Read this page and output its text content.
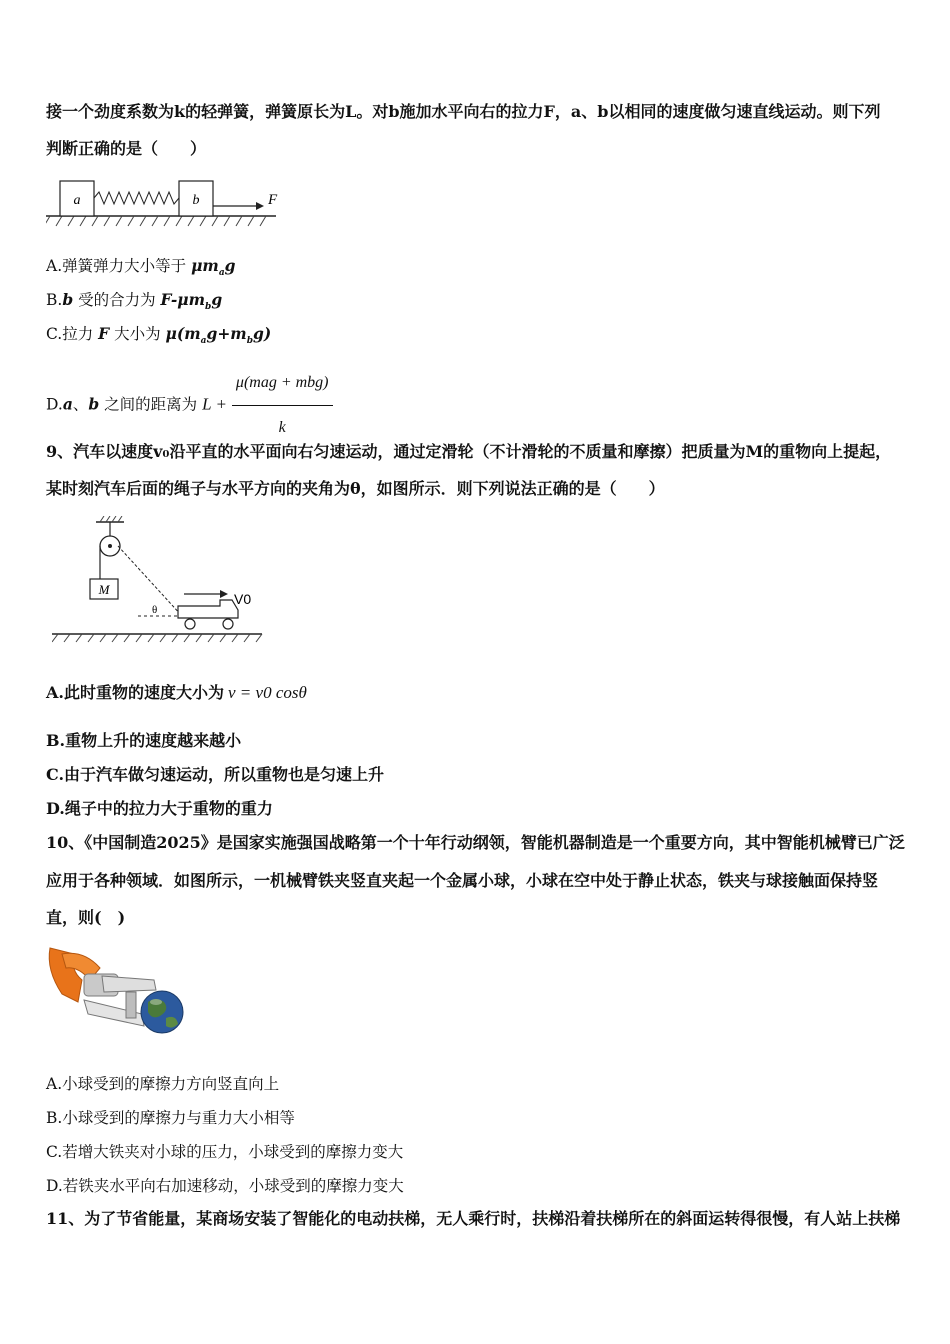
接一个劲度系数为k的轻弹簧，弹簧原长为L。对b施加水平向右的拉力F，a、b以相同的速度做匀速直线运动。则下列
判断正确的是（　　）
a	b	F
A.弹簧弹力大小等于 $\mu m_ag$
B.b 受的合力为 $F-\mu m_bg$
C.拉力 F 大小为 $\mu(m_ag+m_bg)$
D.a、b 之间的距离为 $L + \frac{\text{μ(mag + mbg)}}{k}$
9、汽车以速度v₀沿平直的水平面向右匀速运动，通过定滑轮（不计滑轮的不质量和摩擦）把质量为M的重物向上提起，
某时刻汽车后面的绳子与水平方向的夹角为θ，如图所示．则下列说法正确的是（　　）
M
θ
V0
A.此时重物的速度大小为 v = v0 cosθ
B.重物上升的速度越来越小
C.由于汽车做匀速运动，所以重物也是匀速上升
D.绳子中的拉力大于重物的重力
10、《中国制造2025》是国家实施强国战略第一个十年行动纲领，智能机器制造是一个重要方向，其中智能机械臂已广泛
应用于各种领域．如图所示，一机械臂铁夹竖直夹起一个金属小球，小球在空中处于静止状态，铁夹与球接触面保持竖
直，则(　)
A.小球受到的摩擦力方向竖直向上
B.小球受到的摩擦力与重力大小相等
C.若增大铁夹对小球的压力，小球受到的摩擦力变大
D.若铁夹水平向右加速移动，小球受到的摩擦力变大
11、为了节省能量，某商场安装了智能化的电动扶梯，无人乘行时，扶梯沿着扶梯所在的斜面运转得很慢，有人站上扶梯
